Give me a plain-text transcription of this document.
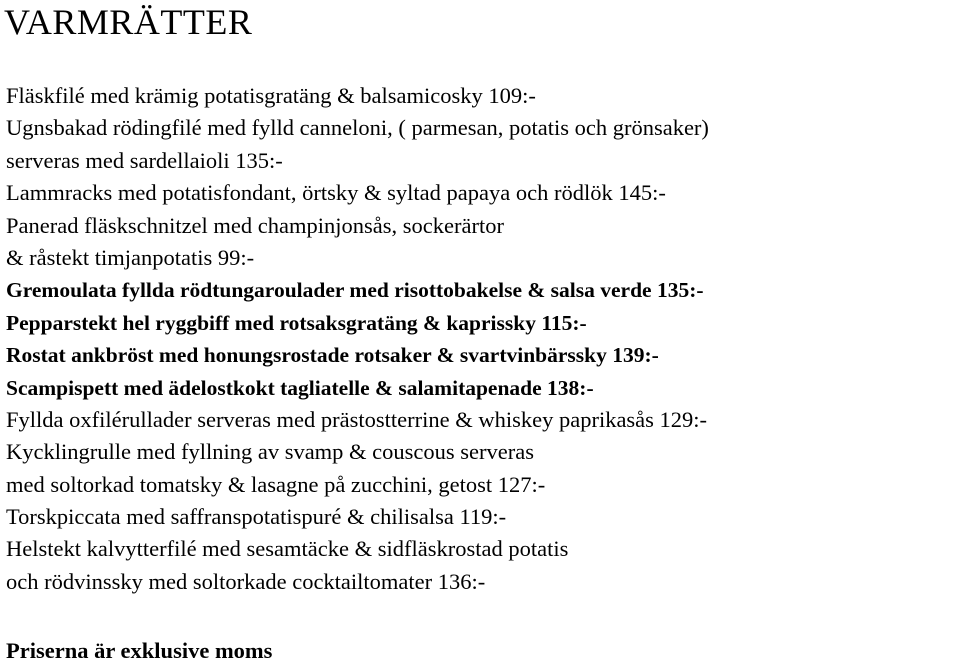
VARMRÄTTER
Fläskfilé med krämig potatisgratäng & balsamicosky 109:-
Ugnsbakad rödingfilé med fylld canneloni, ( parmesan, potatis och grönsaker)
serveras med sardellaioli 135:-
Lammracks med potatisfondant, örtsky & syltad papaya och rödlök 145:-
Panerad fläskschnitzel med champinjonsås, sockerärtor
& råstekt timjanpotatis 99:-
Gremoulata fyllda rödtungaroulader med risottobakelse & salsa verde 135:-
Pepparstekt hel ryggbiff med rotsaksgratäng & kaprissky 115:-
Rostat ankbröst med honungsrostade rotsaker & svartvinbärssky 139:-
Scampispett med ädelostkokt tagliatelle & salamitapenade 138:-
Fyllda oxfilérullader serveras med prästostterrine & whiskey paprikasås 129:-
Kycklingrulle med fyllning av svamp & couscous serveras
med soltorkad tomatsky & lasagne på zucchini, getost 127:-
Torskpiccata med saffranspotatispuré & chilisalsa 119:-
Helstekt kalvytterfilé med sesamtäcke & sidfläskrostad potatis
och rödvinssky med soltorkade cocktailtomater 136:-

Priserna är exklusive moms
